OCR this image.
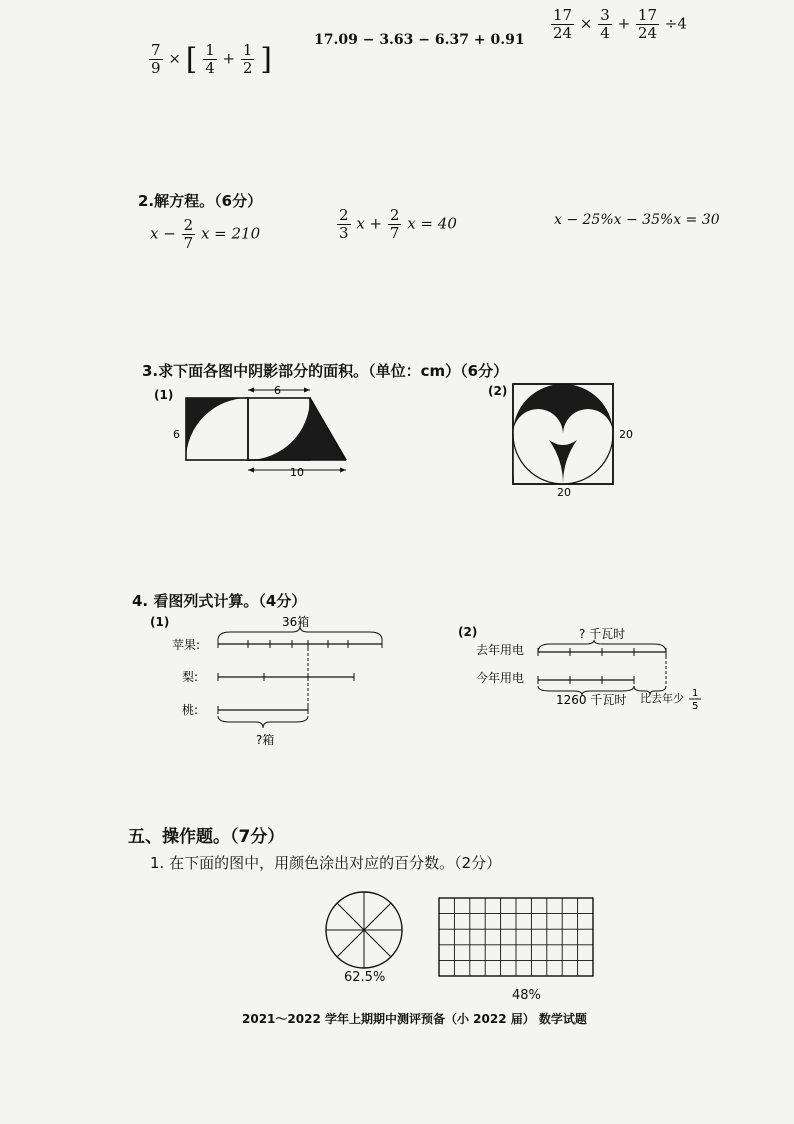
$\frac{7}{9}$ × [ $\frac{1}{4} + \frac{1}{2}$ ]
$17.09 - 3.63 - 6.37 + 0.91 \frac{17}{24} \times \frac{3}{4} + \frac{17}{24} \div 4$
2.解方程。（6分）
$x - \frac{2}{7}$ x = 210	$\frac{2}{3}$ $x + \frac{2}{7}$ x = 40	x − 25%x − 35%x = 30
3.求下面各图中阴影部分的面积。（单位：cm）（6分）
(1)	6
6
10
(2)
20
20
4. 看图列式计算。（4分）
(1)
苹果:
梨:
桃:
36箱
?箱
(2)	? 千瓦时
去年用电
今年用电
1260 千瓦时 比去年少 1
5
五、操作题。（7分）
1. 在下面的图中，用颜色涂出对应的百分数。（2分）
62.5%
48%
2021～2022 学年上期期中测评预备（小 2022 届） 数学试题
